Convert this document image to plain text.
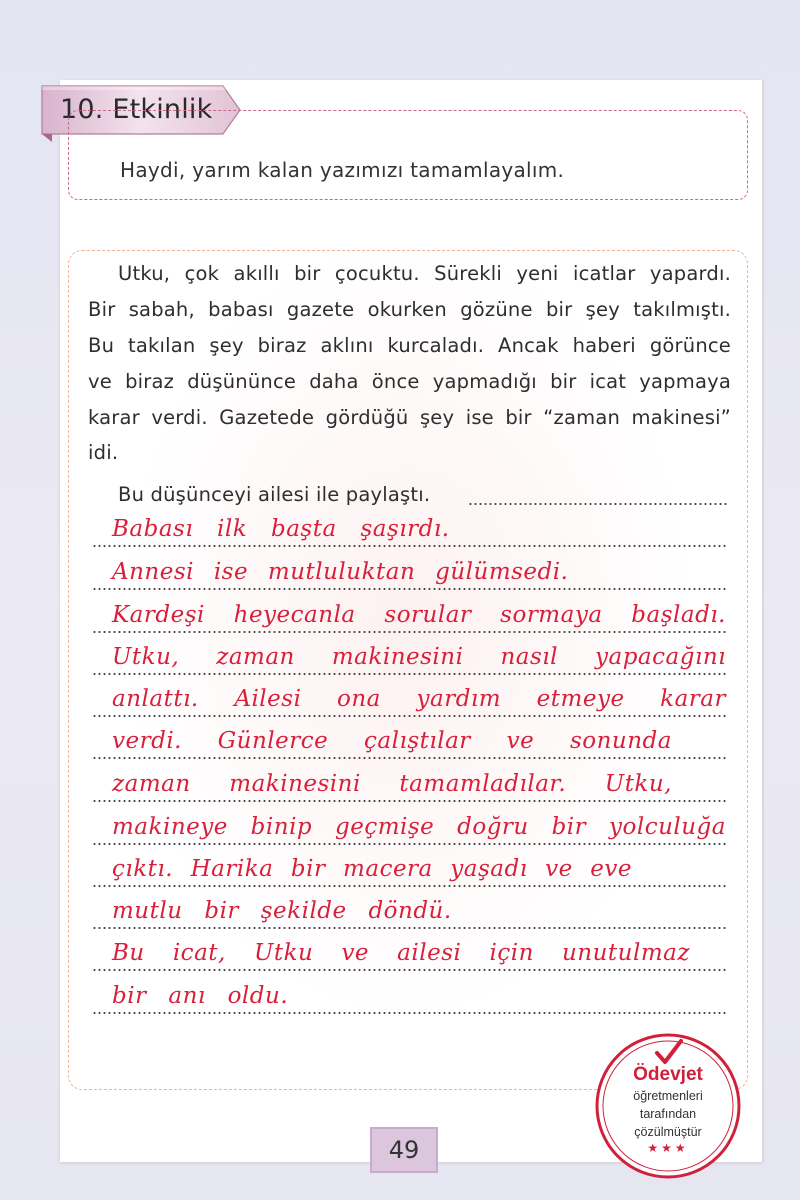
10. Etkinlik
Haydi, yarım kalan yazımızı tamamlayalım.
Utku, çok akıllı bir çocuktu. Sürekli yeni icatlar yapardı.
Bir sabah, babası gazete okurken gözüne bir şey takılmıştı.
Bu takılan şey biraz aklını kurcaladı. Ancak haberi görünce
ve biraz düşününce daha önce yapmadığı bir icat yapmaya
karar verdi. Gazetede gördüğü şey ise bir “zaman makinesi”
idi.
Bu düşünceyi ailesi ile paylaştı.
Babası ilk başta şaşırdı.
Annesi ise mutluluktan gülümsedi.
Kardeşi heyecanla sorular sormaya başladı.
Utku, zaman makinesini nasıl yapacağını
anlattı. Ailesi ona yardım etmeye karar
verdi. Günlerce çalıştılar ve sonunda
zaman makinesini tamamladılar. Utku,
makineye binip geçmişe doğru bir yolculuğa
çıktı. Harika bir macera yaşadı ve eve
mutlu bir şekilde döndü.
Bu icat, Utku ve ailesi için unutulmaz
bir anı oldu.
Ödevjet
öğretmenleri
tarafından
çözülmüştür
★★★
49
